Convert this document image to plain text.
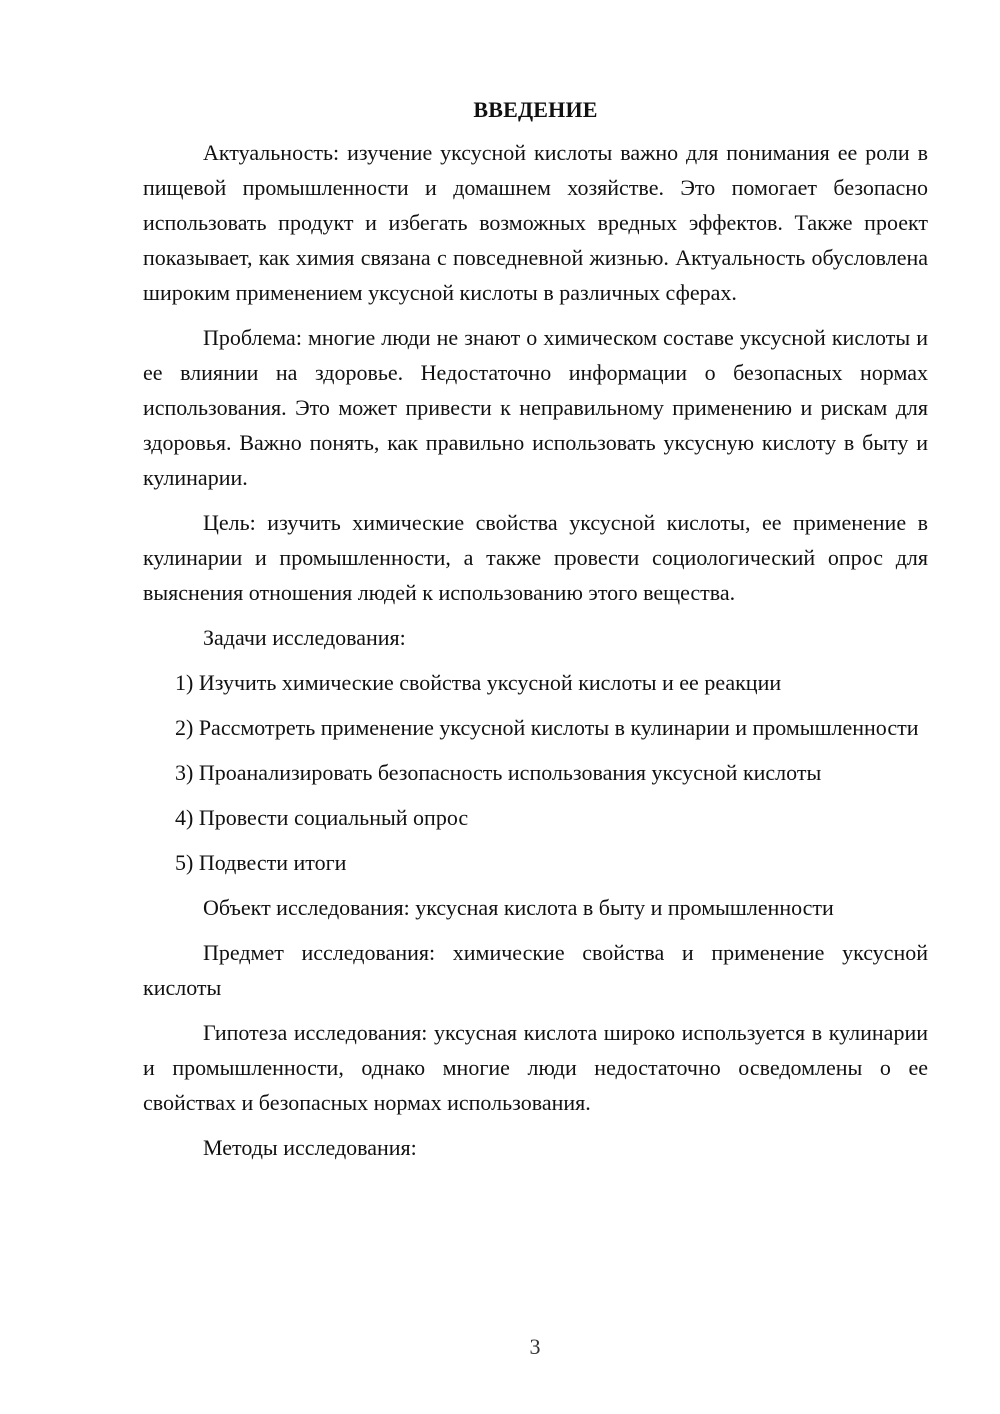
ВВЕДЕНИЕ

Актуальность: изучение уксусной кислоты важно для понимания ее роли в пищевой промышленности и домашнем хозяйстве. Это помогает безопасно использовать продукт и избегать возможных вредных эффектов. Также проект показывает, как химия связана с повседневной жизнью. Актуальность обусловлена широким применением уксусной кислоты в различных сферах.

Проблема: многие люди не знают о химическом составе уксусной кислоты и ее влиянии на здоровье. Недостаточно информации о безопасных нормах использования. Это может привести к неправильному применению и рискам для здоровья. Важно понять, как правильно использовать уксусную кислоту в быту и кулинарии.

Цель: изучить химические свойства уксусной кислоты, ее применение в кулинарии и промышленности, а также провести социологический опрос для выяснения отношения людей к использованию этого вещества.

Задачи исследования:

1) Изучить химические свойства уксусной кислоты и ее реакции

2) Рассмотреть применение уксусной кислоты в кулинарии и промышленности

3) Проанализировать безопасность использования уксусной кислоты

4) Провести социальный опрос

5) Подвести итоги

Объект исследования: уксусная кислота в быту и промышленности

Предмет исследования: химические свойства и применение уксусной кислоты

Гипотеза исследования: уксусная кислота широко используется в кулинарии и промышленности, однако многие люди недостаточно осведомлены о ее свойствах и безопасных нормах использования.

Методы исследования:

3
